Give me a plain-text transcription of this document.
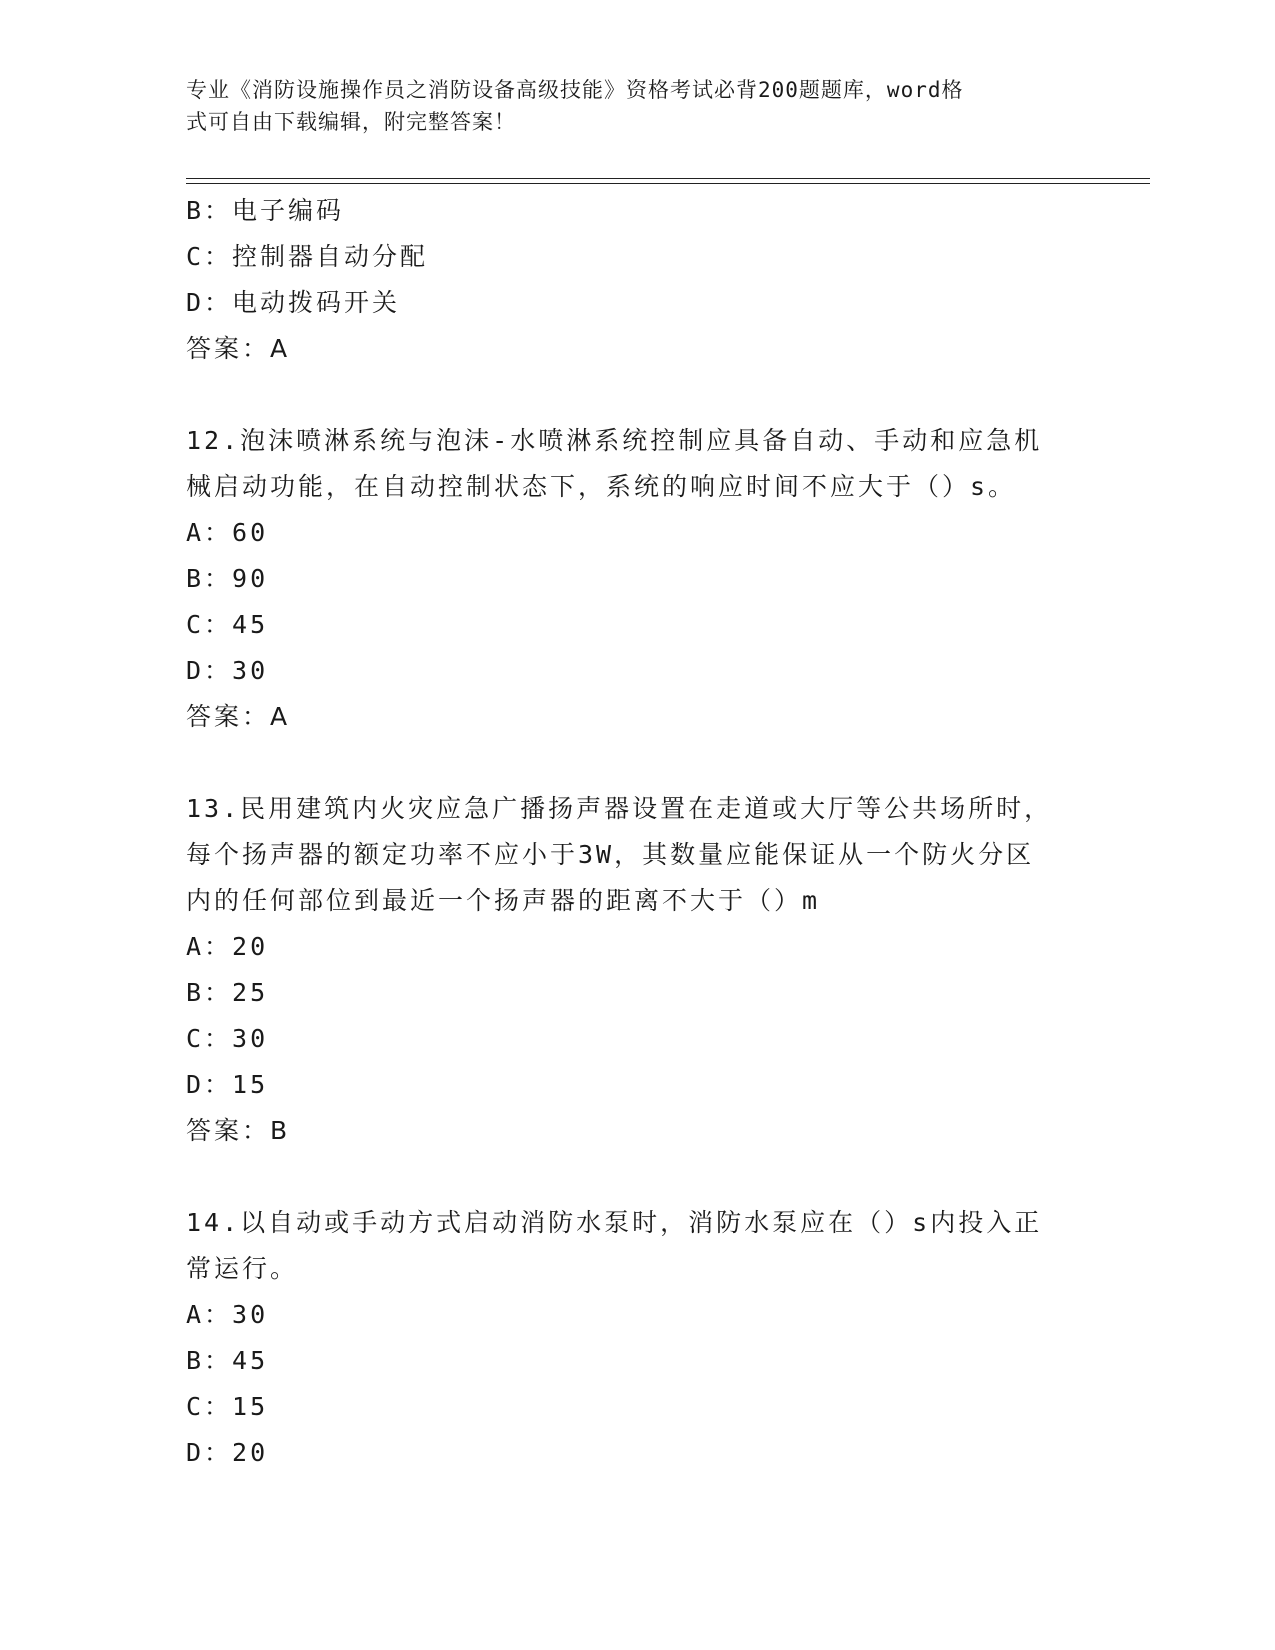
专业《消防设施操作员之消防设备高级技能》资格考试必背200题题库，word格
式可自由下载编辑，附完整答案！
B：电子编码
C：控制器自动分配
D：电动拨码开关
答案：A
12.泡沫喷淋系统与泡沫-水喷淋系统控制应具备自动、手动和应急机
械启动功能，在自动控制状态下，系统的响应时间不应大于（）s。
A：60
B：90
C：45
D：30
答案：A
13.民用建筑内火灾应急广播扬声器设置在走道或大厅等公共场所时，
每个扬声器的额定功率不应小于3W，其数量应能保证从一个防火分区
内的任何部位到最近一个扬声器的距离不大于（）m
A：20
B：25
C：30
D：15
答案：B
14.以自动或手动方式启动消防水泵时，消防水泵应在（）s内投入正
常运行。
A：30
B：45
C：15
D：20
